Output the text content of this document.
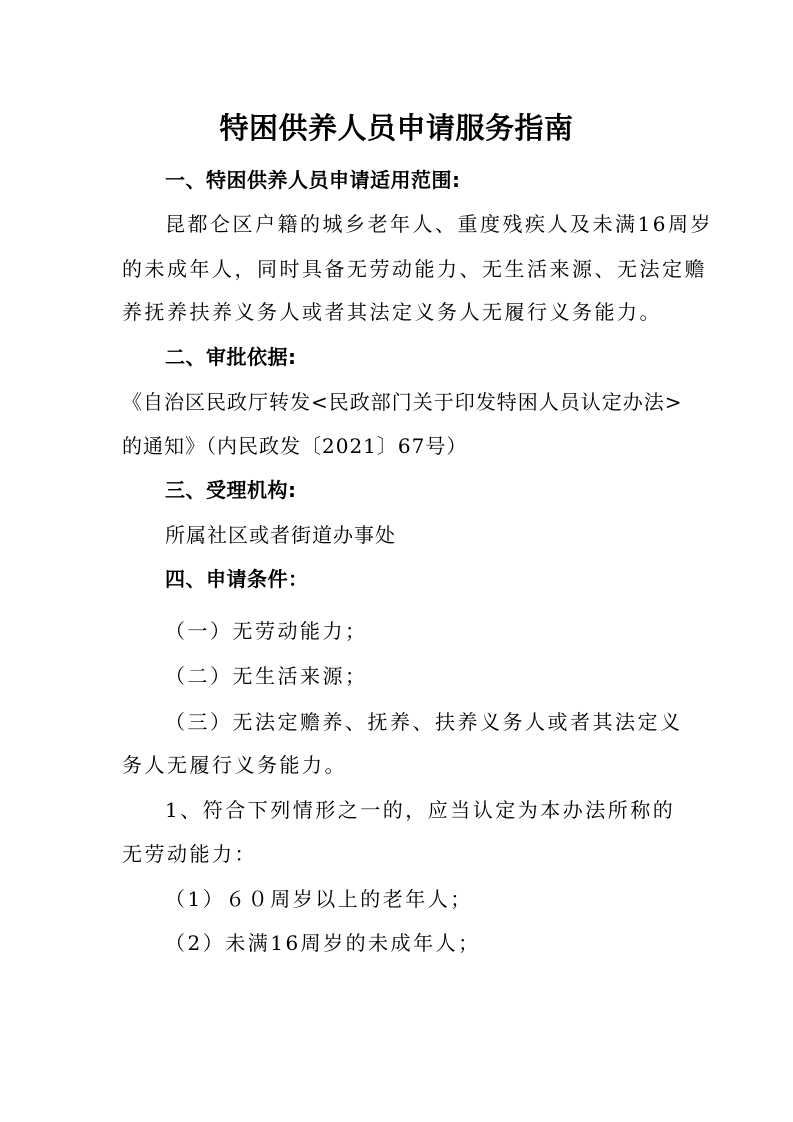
特困供养人员申请服务指南
一、特困供养人员申请适用范围:
昆都仑区户籍的城乡老年人、重度残疾人及未满16周岁
的未成年人，同时具备无劳动能力、无生活来源、无法定赡
养抚养扶养义务人或者其法定义务人无履行义务能力。
二、审批依据:
《自治区民政厅转发<民政部门关于印发特困人员认定办法>
的通知》（内民政发〔2021〕67号）
三、受理机构:
所属社区或者街道办事处
四、申请条件：
（一）无劳动能力；
（二）无生活来源；
（三）无法定赡养、抚养、扶养义务人或者其法定义
务人无履行义务能力。
1、符合下列情形之一的，应当认定为本办法所称的
无劳动能力：
（1）６０周岁以上的老年人；
（2）未满16周岁的未成年人；
